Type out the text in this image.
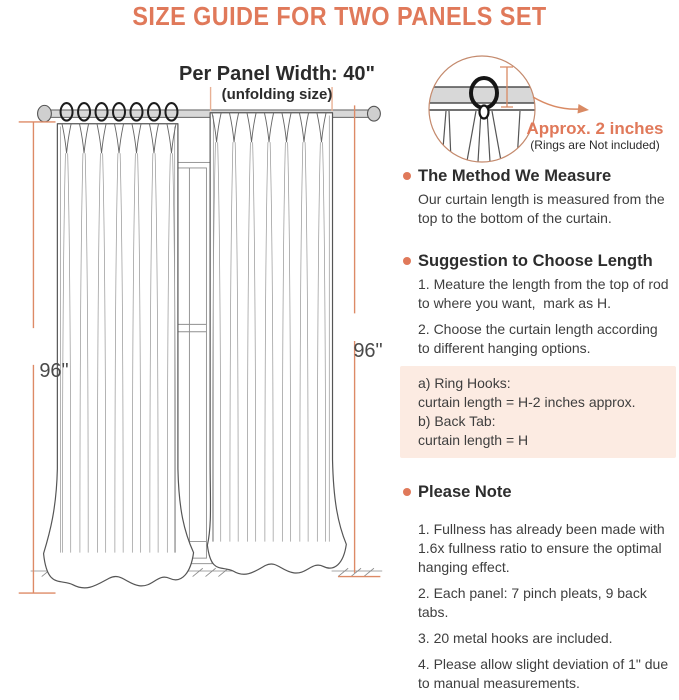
SIZE GUIDE FOR TWO PANELS SET
Per Panel Width: 40"
(unfolding size)
96"
96"
Approx. 2 inches
(Rings are Not included)
The Method We Measure

Our curtain length is measured from the top to the bottom of the curtain.

Suggestion to Choose Length

1. Meature the length from the top of rod to where you want,  mark as H.

2. Choose the curtain length according to different hanging options.

a) Ring Hooks:
curtain length = H-2 inches approx.
b) Back Tab:
curtain length = H
Please Note

1. Fullness has already been made with 1.6x fullness ratio to ensure the optimal hanging effect.

2. Each panel: 7 pinch pleats, 9 back tabs.

3. 20 metal hooks are included.

4. Please allow slight deviation of 1" due to manual measurements.
